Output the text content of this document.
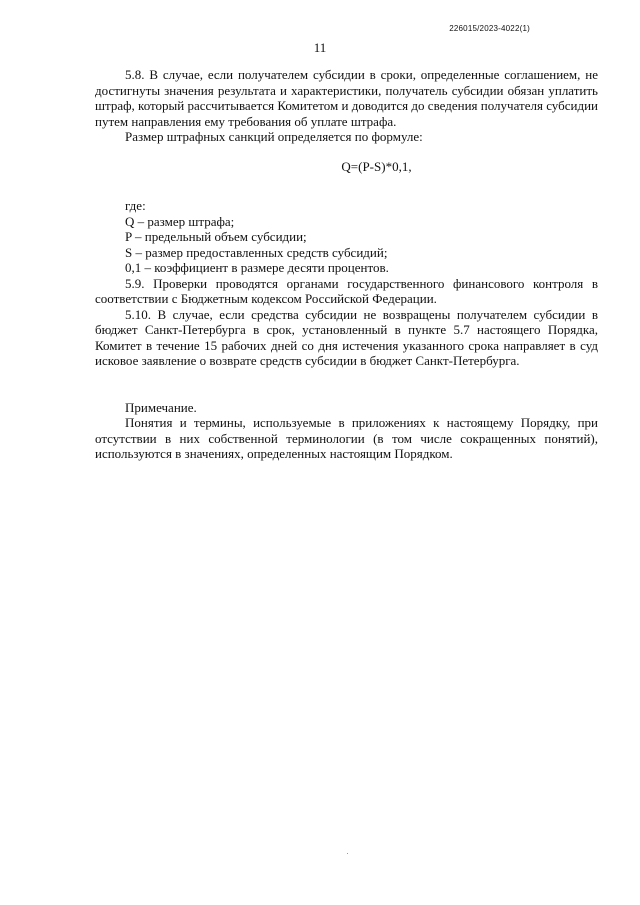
226015/2023-4022(1)
11

5.8. В случае, если получателем субсидии в сроки, определенные соглашением, не достигнуты значения результата и характеристики, получатель субсидии обязан уплатить штраф, который рассчитывается Комитетом и доводится до сведения получателя субсидии путем направления ему требования об уплате штрафа.

Размер штрафных санкций определяется по формуле:

Q=(P-S)*0,1,

где:

Q – размер штрафа;

P – предельный объем субсидии;

S – размер предоставленных средств субсидий;

0,1 – коэффициент в размере десяти процентов.

5.9. Проверки проводятся органами государственного финансового контроля в соответствии с Бюджетным кодексом Российской Федерации.

5.10. В случае, если средства субсидии не возвращены получателем субсидии в бюджет Санкт-Петербурга в срок, установленный в пункте 5.7 настоящего Порядка, Комитет в течение 15 рабочих дней со дня истечения указанного срока направляет в суд исковое заявление о возврате средств субсидии в бюджет Санкт-Петербурга.

Примечание.

Понятия и термины, используемые в приложениях к настоящему Порядку, при отсутствии в них собственной терминологии (в том числе сокращенных понятий), используются в значениях, определенных настоящим Порядком.
